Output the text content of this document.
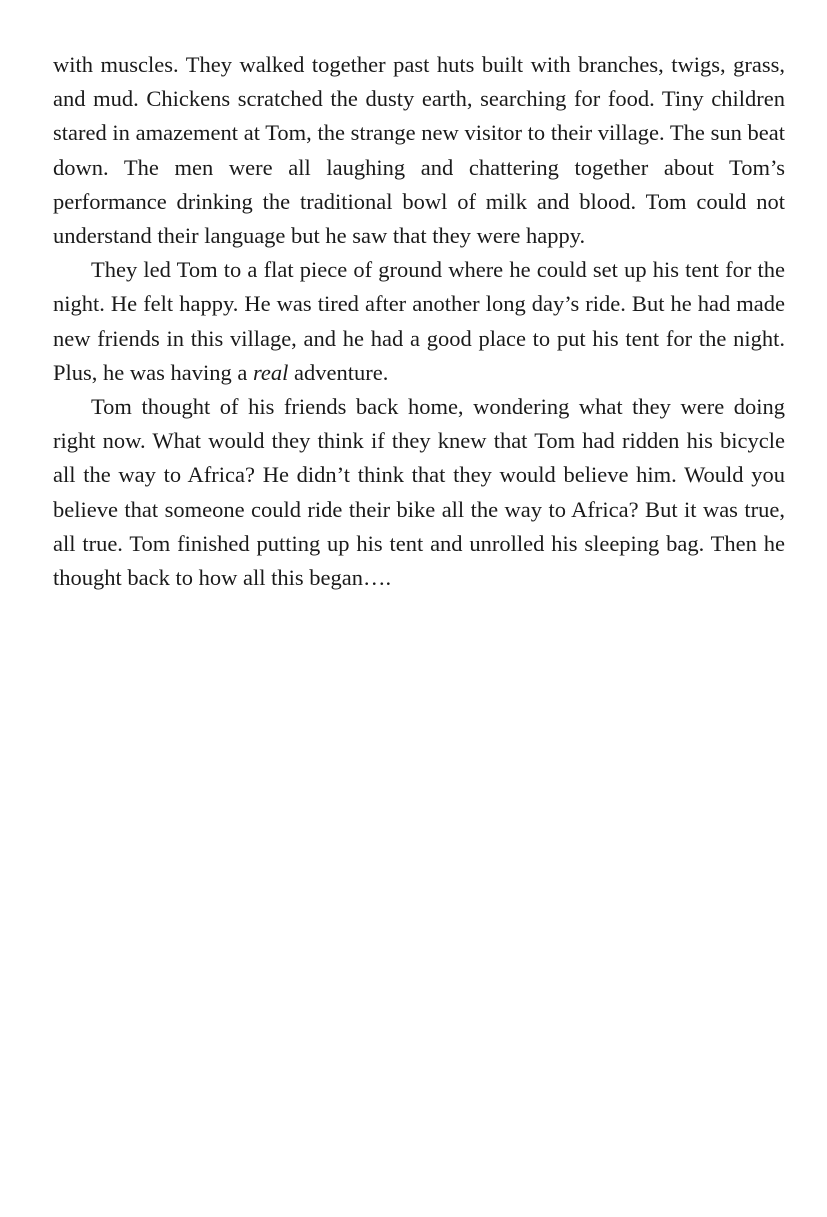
with muscles. They walked together past huts built with branches, twigs, grass, and mud. Chickens scratched the dusty earth, searching for food. Tiny children stared in amazement at Tom, the strange new visitor to their village. The sun beat down. The men were all laughing and chattering together about Tom’s performance drinking the traditional bowl of milk and blood. Tom could not understand their language but he saw that they were happy.

They led Tom to a flat piece of ground where he could set up his tent for the night. He felt happy. He was tired after another long day’s ride. But he had made new friends in this village, and he had a good place to put his tent for the night. Plus, he was having a real adventure.

Tom thought of his friends back home, wondering what they were doing right now. What would they think if they knew that Tom had ridden his bicycle all the way to Africa? He didn’t think that they would believe him. Would you believe that someone could ride their bike all the way to Africa? But it was true, all true. Tom finished putting up his tent and unrolled his sleeping bag. Then he thought back to how all this began….
